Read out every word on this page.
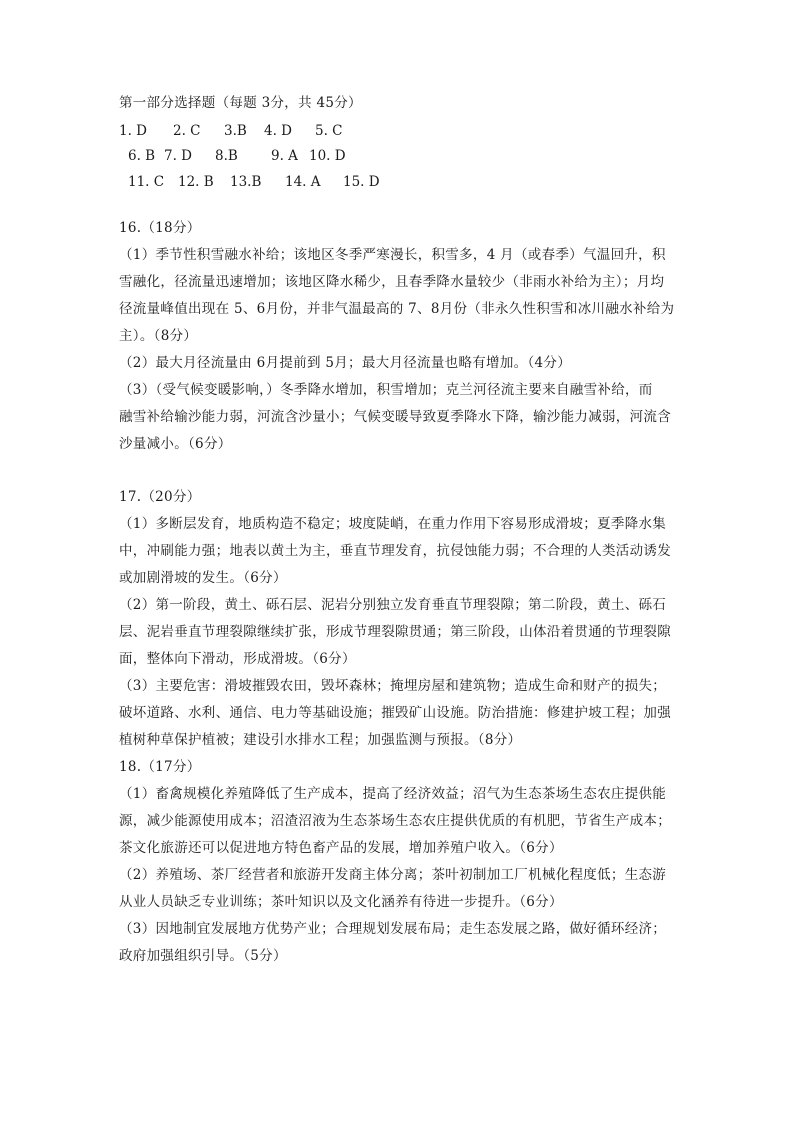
第一部分选择题（每题 3分，共 45分）
1. D 2. C 3.B 4. D 5. C
6. B 7. D 8.B 9. A 10. D
11. C 12. B 13.B 14. A 15. D
16.（18分）
（1）季节性积雪融水补给；该地区冬季严寒漫长，积雪多，4 月（或春季）气温回升，积
雪融化，径流量迅速增加；该地区降水稀少，且春季降水量较少（非雨水补给为主）；月均
径流量峰值出现在 5、6月份，并非气温最高的 7、8月份（非永久性积雪和冰川融水补给为
主）。（8分）
（2）最大月径流量由 6月提前到 5月；最大月径流量也略有增加。（4分）
（3）（受气候变暖影响，）冬季降水增加，积雪增加；克兰河径流主要来自融雪补给，而
融雪补给输沙能力弱，河流含沙量小；气候变暖导致夏季降水下降，输沙能力减弱，河流含
沙量减小。（6分）
17.（20分）
（1）多断层发育，地质构造不稳定；坡度陡峭，在重力作用下容易形成滑坡；夏季降水集
中，冲刷能力强；地表以黄土为主，垂直节理发育，抗侵蚀能力弱；不合理的人类活动诱发
或加剧滑坡的发生。（6分）
（2）第一阶段，黄土、砾石层、泥岩分别独立发育垂直节理裂隙；第二阶段，黄土、砾石
层、泥岩垂直节理裂隙继续扩张，形成节理裂隙贯通；第三阶段，山体沿着贯通的节理裂隙
面，整体向下滑动，形成滑坡。（6分）
（3）主要危害：滑坡摧毁农田，毁坏森林；掩埋房屋和建筑物；造成生命和财产的损失；
破坏道路、水利、通信、电力等基础设施；摧毁矿山设施。防治措施：修建护坡工程；加强
植树种草保护植被；建设引水排水工程；加强监测与预报。（8分）
18.（17分）
（1）畜禽规模化养殖降低了生产成本，提高了经济效益；沼气为生态茶场生态农庄提供能
源，减少能源使用成本；沼渣沼液为生态茶场生态农庄提供优质的有机肥，节省生产成本；
茶文化旅游还可以促进地方特色畜产品的发展，增加养殖户收入。（6分）
（2）养殖场、茶厂经营者和旅游开发商主体分离；茶叶初制加工厂机械化程度低；生态游
从业人员缺乏专业训练；茶叶知识以及文化涵养有待进一步提升。（6分）
（3）因地制宜发展地方优势产业；合理规划发展布局；走生态发展之路，做好循环经济；
政府加强组织引导。（5分）
